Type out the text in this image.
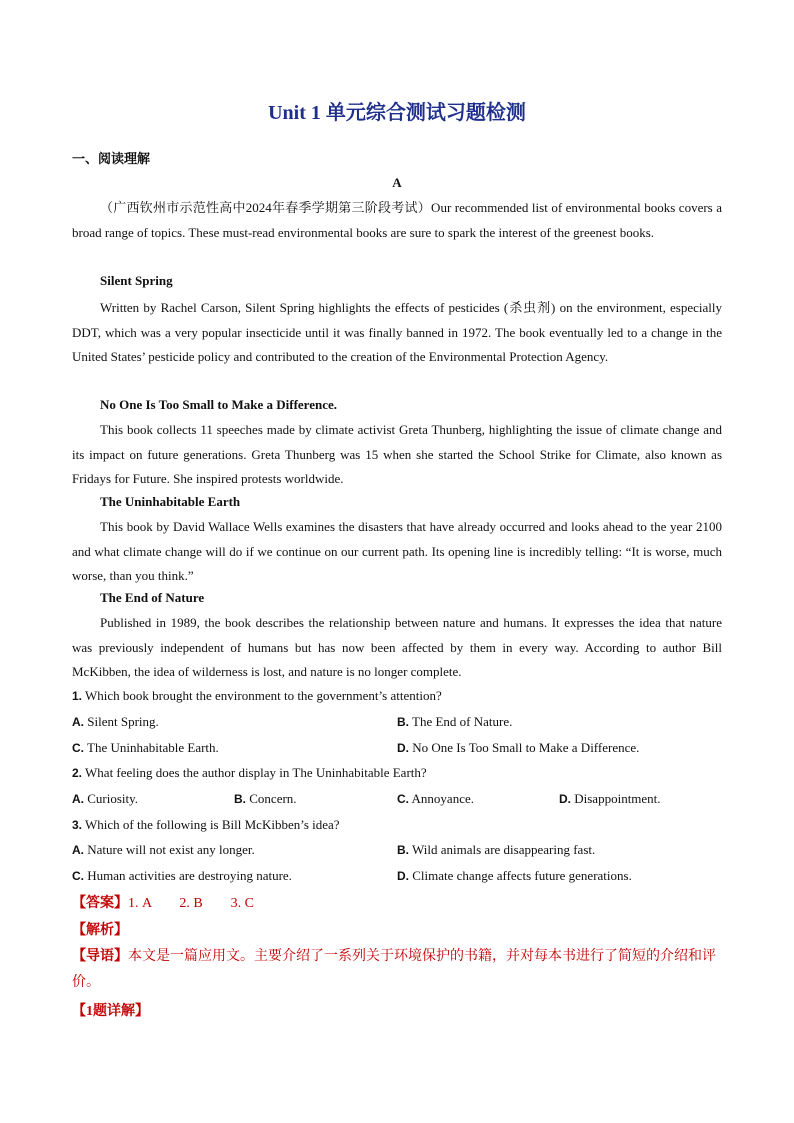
Unit 1 单元综合测试习题检测
一、阅读理解
A

（广西钦州市示范性高中2024年春季学期第三阶段考试）Our recommended list of environmental books covers a broad range of topics. These must-read environmental books are sure to spark the interest of the greenest books.

Silent Spring

Written by Rachel Carson, Silent Spring highlights the effects of pesticides (杀虫剂) on the environment, especially DDT, which was a very popular insecticide until it was finally banned in 1972. The book eventually led to a change in the United States’ pesticide policy and contributed to the creation of the Environmental Protection Agency.

No One Is Too Small to Make a Difference.

This book collects 11 speeches made by climate activist Greta Thunberg, highlighting the issue of climate change and its impact on future generations. Greta Thunberg was 15 when she started the School Strike for Climate, also known as Fridays for Future. She inspired protests worldwide.

The Uninhabitable Earth

This book by David Wallace Wells examines the disasters that have already occurred and looks ahead to the year 2100 and what climate change will do if we continue on our current path. Its opening line is incredibly telling: “It is worse, much worse, than you think.”

The End of Nature

Published in 1989, the book describes the relationship between nature and humans. It expresses the idea that nature was previously independent of humans but has now been affected by them in every way. According to author Bill McKibben, the idea of wilderness is lost, and nature is no longer complete.

1. Which book brought the environment to the government’s attention?
A. Silent Spring.	B. The End of Nature.
C. The Uninhabitable Earth.	D. No One Is Too Small to Make a Difference.
2. What feeling does the author display in The Uninhabitable Earth?
A. Curiosity.	B. Concern.	C. Annoyance.	D. Disappointment.
3. Which of the following is Bill McKibben’s idea?
A. Nature will not exist any longer.	B. Wild animals are disappearing fast.
C. Human activities are destroying nature.	D. Climate change affects future generations.
【答案】1. A　　2. B　　3. C
【解析】

【导语】本文是一篇应用文。主要介绍了一系列关于环境保护的书籍，并对每本书进行了简短的介绍和评价。

【1题详解】
